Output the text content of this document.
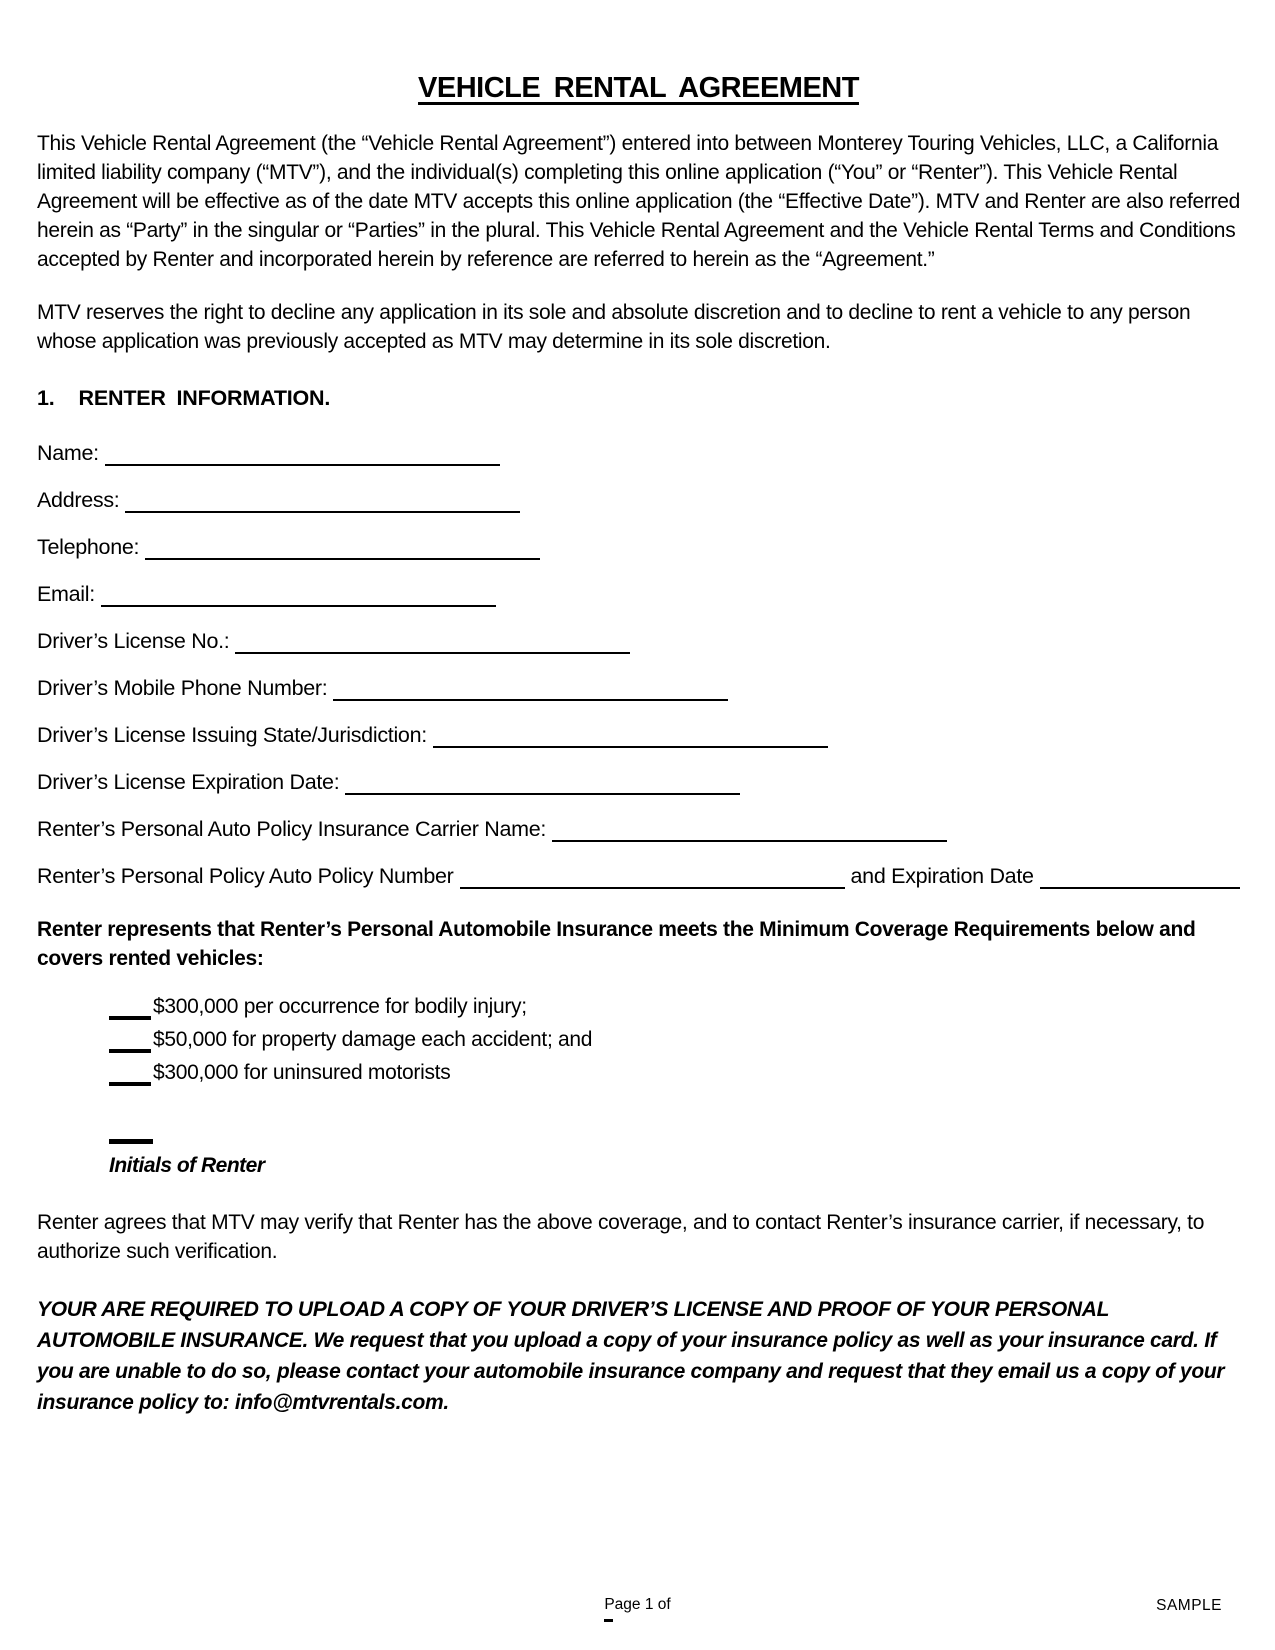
VEHICLE RENTAL AGREEMENT

This Vehicle Rental Agreement (the “Vehicle Rental Agreement”) entered into between Monterey Touring Vehicles, LLC, a California limited liability company (“MTV”), and the individual(s) completing this online application (“You” or “Renter”). This Vehicle Rental Agreement will be effective as of the date MTV accepts this online application (the “Effective Date”). MTV and Renter are also referred herein as “Party” in the singular or “Parties” in the plural. This Vehicle Rental Agreement and the Vehicle Rental Terms and Conditions accepted by Renter and incorporated herein by reference are referred to herein as the “Agreement.”

MTV reserves the right to decline any application in its sole and absolute discretion and to decline to rent a vehicle to any person whose application was previously accepted as MTV may determine in its sole discretion.

1. RENTER INFORMATION.
Name:
Address:
Telephone:
Email:
Driver’s License No.:
Driver’s Mobile Phone Number:
Driver’s License Issuing State/Jurisdiction:
Driver’s License Expiration Date:
Renter’s Personal Auto Policy Insurance Carrier Name:
Renter’s Personal Policy Auto Policy Number	and Expiration Date

Renter represents that Renter’s Personal Automobile Insurance meets the Minimum Coverage Requirements below and covers rented vehicles:

$300,000 per occurrence for bodily injury;
$50,000 for property damage each accident; and
$300,000 for uninsured motorists
Initials of Renter

Renter agrees that MTV may verify that Renter has the above coverage, and to contact Renter’s insurance carrier, if necessary, to authorize such verification.

YOUR ARE REQUIRED TO UPLOAD A COPY OF YOUR DRIVER’S LICENSE AND PROOF OF YOUR PERSONAL AUTOMOBILE INSURANCE. We request that you upload a copy of your insurance policy as well as your insurance card. If you are unable to do so, please contact your automobile insurance company and request that they email us a copy of your insurance policy to: info@mtvrentals.com.

Page 1 of	SAMPLE
